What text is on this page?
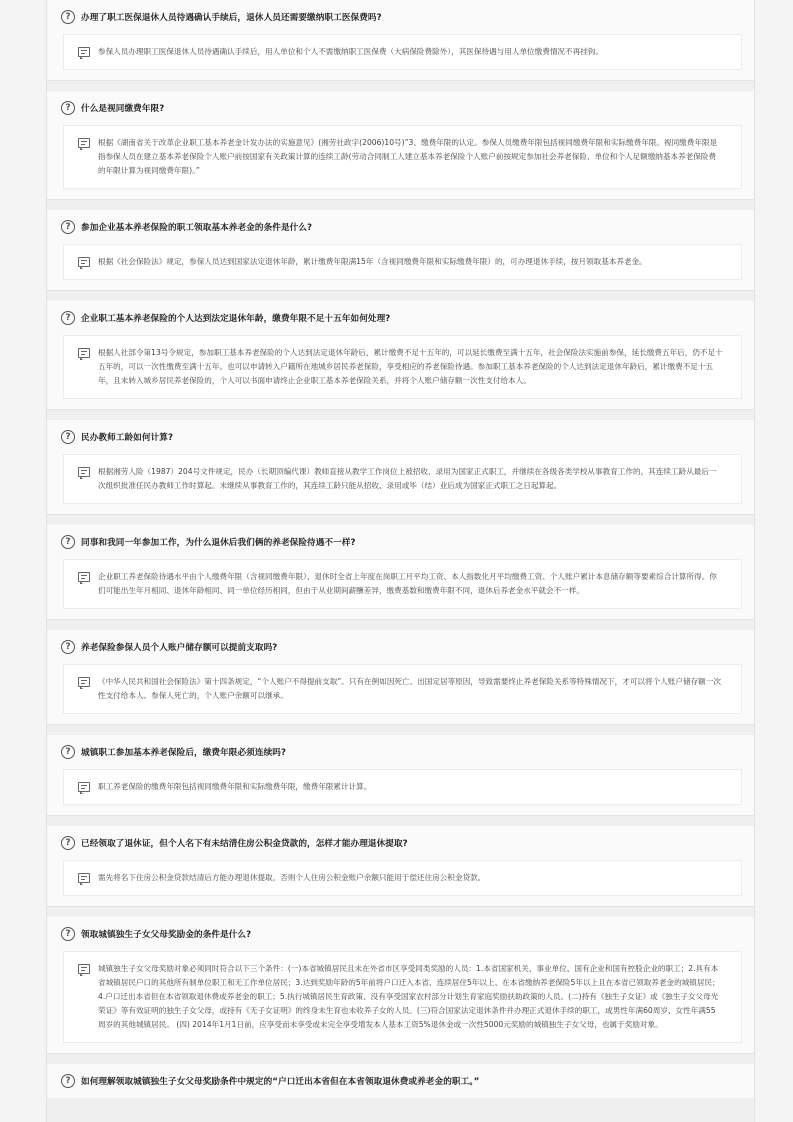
?	办理了职工医保退休人员待遇确认手续后，退休人员还需要缴纳职工医保费吗?
参保人员办理职工医保退休人员待遇确认手续后，用人单位和个人不需缴纳职工医保费（大病保险费除外），其医保待遇与用人单位缴费情况不再挂钩。
?	什么是视同缴费年限?
根据《湖南省关于改革企业职工基本养老金计发办法的实施意见》(湘劳社政字(2006)10号)”3、缴费年限的认定。参保人员缴费年限包括视同缴费年限和实际缴费年限。视同缴费年限是指参保人员在建立基本养老保险个人账户前按国家有关政策计算的连续工龄(劳动合同制工人建立基本养老保险个人账户前按规定参加社会养老保险、单位和个人足额缴纳基本养老保险费的年限计算为视同缴费年限)。”
?	参加企业基本养老保险的职工领取基本养老金的条件是什么?
根据《社会保险法》规定，参保人员达到国家法定退休年龄，累计缴费年限满15年（含视同缴费年限和实际缴费年限）的，可办理退休手续，按月领取基本养老金。
?	企业职工基本养老保险的个人达到法定退休年龄，缴费年限不足十五年如何处理?
根据人社部令第13号令规定，参加职工基本养老保险的个人达到法定退休年龄后，累计缴费不足十五年的，可以延长缴费至满十五年，社会保险法实施前参保，延长缴费五年后，仍不足十五年的，可以一次性缴费至满十五年。也可以申请转入户籍所在地城乡居民养老保险，享受相应的养老保险待遇。参加职工基本养老保险的个人达到法定退休年龄后，累计缴费不足十五年，且未转入城乡居民养老保险的，个人可以书面申请终止企业职工基本养老保险关系，并将个人账户储存额一次性支付给本人。
?	民办教师工龄如何计算?
根据湘劳人险（1987）204号文件规定，民办（长期顶编代课）教师直接从教学工作岗位上被招收、录用为国家正式职工，并继续在各级各类学校从事教育工作的，其连续工龄从最后一次组织批准任民办教师工作时算起。未继续从事教育工作的，其连续工龄只能从招收、录用或毕（结）业后成为国家正式职工之日起算起。
?	同事和我同一年参加工作，为什么退休后我们俩的养老保险待遇不一样?
企业职工养老保险待遇水平由个人缴费年限（含视同缴费年限）、退休时全省上年度在岗职工月平均工资、本人指数化月平均缴费工资、个人账户累计本息储存额等要素综合计算所得。你们可能出生年月相同、退休年龄相同、同一单位经历相同，但由于从业期间薪酬差异，缴费基数和缴费年限不同，退休后养老金水平就会不一样。
?	养老保险参保人员个人账户储存额可以提前支取吗?
《中华人民共和国社会保险法》第十四条规定，“个人账户不得提前支取”。只有在例如因死亡、出国定居等原因，导致需要终止养老保险关系等特殊情况下，才可以将个人账户储存额一次性支付给本人。参保人死亡的，个人账户余额可以继承。
?	城镇职工参加基本养老保险后，缴费年限必须连续吗?
职工养老保险的缴费年限包括视同缴费年限和实际缴费年限，缴费年限累计计算。
?	已经领取了退休证，但个人名下有未结清住房公积金贷款的，怎样才能办理退休提取?
需先将名下住房公积金贷款结清后方能办理退休提取，否则个人住房公积金账户余额只能用于偿还住房公积金贷款。
?	领取城镇独生子女父母奖励金的条件是什么?
城镇独生子女父母奖励对象必须同时符合以下三个条件：(一)本省城镇居民且未在外省市区享受同类奖励的人员：1.本省国家机关、事业单位、国有企业和国有控股企业的职工；2.具有本省城镇居民户口的其他所有制单位职工和无工作单位居民；3.达到奖励年龄的5年前将户口迁入本省、连续居住5年以上、在本省缴纳养老保险5年以上且在本省已领取养老金的城镇居民；4.户口迁出本省但在本省领取退休费或养老金的职工；5.执行城镇居民生育政策、没有享受国家农村部分计划生育家庭奖励扶助政策的人员。(二)持有《独生子女证》或《独生子女父母光荣证》等有效证明的独生子女父母，或持有《无子女证明》的终身未生育也未收养子女的人员。(三)符合国家法定退休条件并办理正式退休手续的职工，或男性年满60周岁、女性年满55周岁的其他城镇居民。 (四) 2014年1月1日前，应享受而未享受或未完全享受增发本人基本工资5%退休金或一次性5000元奖励的城镇独生子女父母，也属于奖励对象。
?	如何理解领取城镇独生子女父母奖励条件中规定的“户口迁出本省但在本省领取退休费或养老金的职工。”
